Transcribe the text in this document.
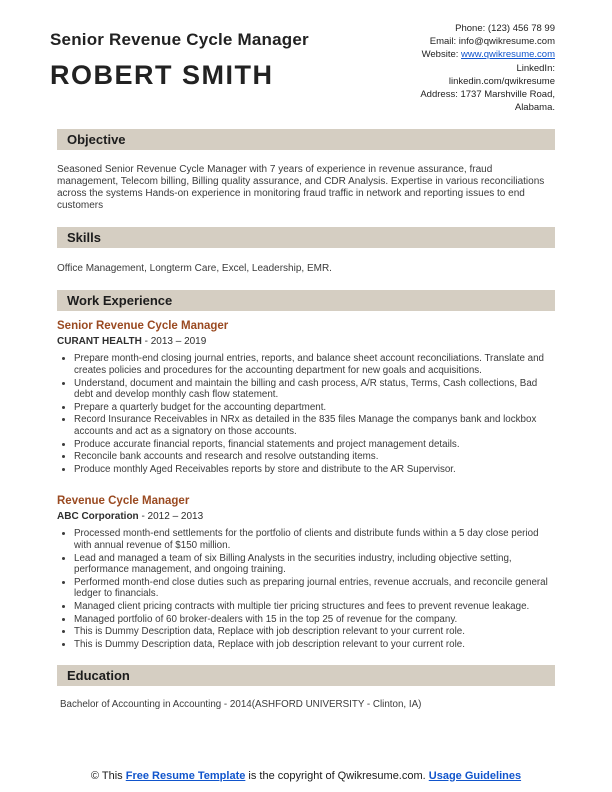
Senior Revenue Cycle Manager
ROBERT SMITH
Phone: (123) 456 78 99
Email: info@qwikresume.com
Website: www.qwikresume.com
LinkedIn:
linkedin.com/qwikresume
Address: 1737 Marshville Road,
Alabama.
Objective

Seasoned Senior Revenue Cycle Manager with 7 years of experience in revenue assurance, fraud management, Telecom billing, Billing quality assurance, and CDR Analysis. Expertise in various reconciliations across the systems Hands-on experience in monitoring fraud traffic in network and reporting issues to end customers

Skills

Office Management, Longterm Care, Excel, Leadership, EMR.

Work Experience
Senior Revenue Cycle Manager
CURANT HEALTH - 2013 – 2019
• Prepare month-end closing journal entries, reports, and balance sheet account reconciliations. Translate and creates policies and procedures for the accounting department for new goals and acquisitions.
• Understand, document and maintain the billing and cash process, A/R status, Terms, Cash collections, Bad debt and develop monthly cash flow statement.
• Prepare a quarterly budget for the accounting department.
• Record Insurance Receivables in NRx as detailed in the 835 files Manage the companys bank and lockbox accounts and act as a signatory on those accounts.
• Produce accurate financial reports, financial statements and project management details.
• Reconcile bank accounts and research and resolve outstanding items.
• Produce monthly Aged Receivables reports by store and distribute to the AR Supervisor.
Revenue Cycle Manager
ABC Corporation - 2012 – 2013
• Processed month-end settlements for the portfolio of clients and distribute funds within a 5 day close period with annual revenue of $150 million.
• Lead and managed a team of six Billing Analysts in the securities industry, including objective setting, performance management, and ongoing training.
• Performed month-end close duties such as preparing journal entries, revenue accruals, and reconcile general ledger to financials.
• Managed client pricing contracts with multiple tier pricing structures and fees to prevent revenue leakage.
• Managed portfolio of 60 broker-dealers with 15 in the top 25 of revenue for the company.
• This is Dummy Description data, Replace with job description relevant to your current role.
• This is Dummy Description data, Replace with job description relevant to your current role.
Education

Bachelor of Accounting in Accounting - 2014(ASHFORD UNIVERSITY - Clinton, IA)

© This Free Resume Template is the copyright of Qwikresume.com. Usage Guidelines
